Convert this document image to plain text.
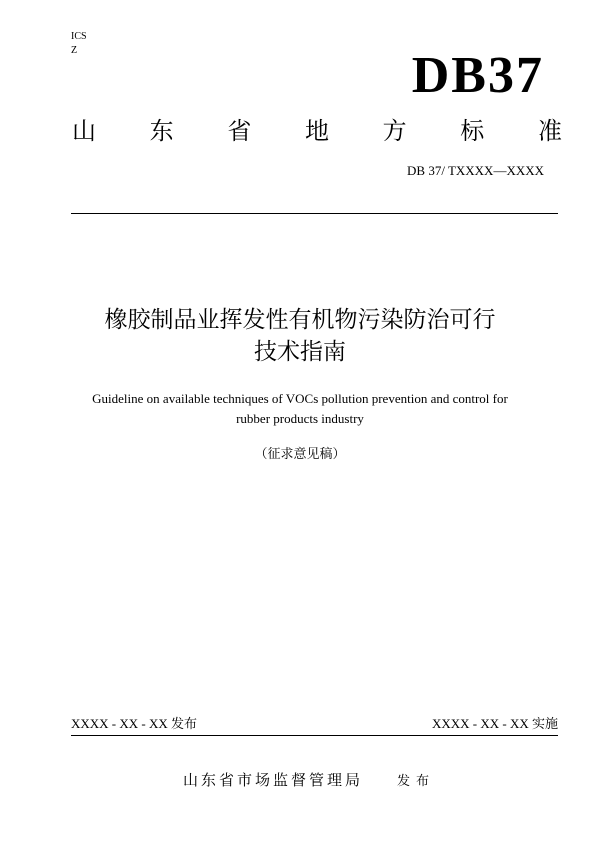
ICS
Z	DB37
山 东 省 地 方 标 准
DB 37/ TXXXX—XXXX
橡胶制品业挥发性有机物污染防治可行
技术指南
Guideline on available techniques of VOCs pollution prevention and control for
rubber products industry
（征求意见稿）
XXXX - XX - XX 发布	XXXX - XX - XX 实施
山东省市场监督管理局	发布
